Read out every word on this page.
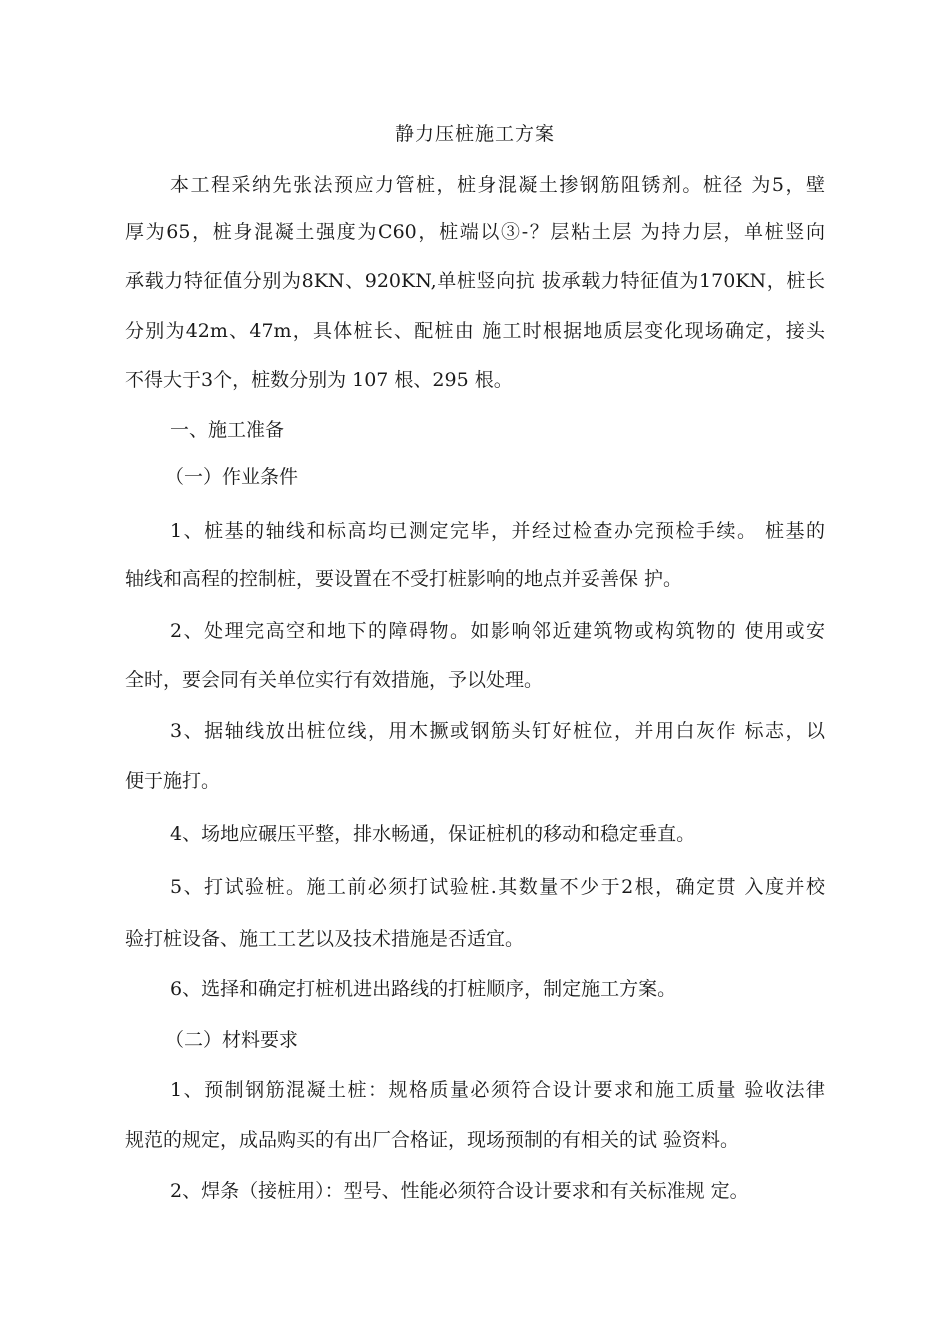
静力压桩施工方案
本工程采纳先张法预应力管桩，桩身混凝土掺钢筋阻锈剂。桩径 为5，壁
厚为65，桩身混凝土强度为C60，桩端以③-？层粘土层 为持力层，单桩竖向
承载力特征值分别为8KN、920KN,单桩竖向抗 拔承载力特征值为170KN，桩长
分别为42m、47m，具体桩长、配桩由 施工时根据地质层变化现场确定，接头
不得大于3个，桩数分别为 107 根、295 根。
一、施工准备
（一）作业条件
1、桩基的轴线和标高均已测定完毕，并经过检查办完预检手续。 桩基的
轴线和高程的控制桩，要设置在不受打桩影响的地点并妥善保 护。
2、处理完高空和地下的障碍物。如影响邻近建筑物或构筑物的 使用或安
全时，要会同有关单位实行有效措施，予以处理。
3、据轴线放出桩位线，用木撅或钢筋头钉好桩位，并用白灰作 标志，以
便于施打。
4、场地应碾压平整，排水畅通，保证桩机的移动和稳定垂直。
5、打试验桩。施工前必须打试验桩.其数量不少于2根，确定贯 入度并校
验打桩设备、施工工艺以及技术措施是否适宜。
6、选择和确定打桩机进出路线的打桩顺序，制定施工方案。
（二）材料要求
1、预制钢筋混凝土桩：规格质量必须符合设计要求和施工质量 验收法律
规范的规定，成品购买的有出厂合格证，现场预制的有相关的试 验资料。
2、焊条（接桩用）：型号、性能必须符合设计要求和有关标准规 定。
